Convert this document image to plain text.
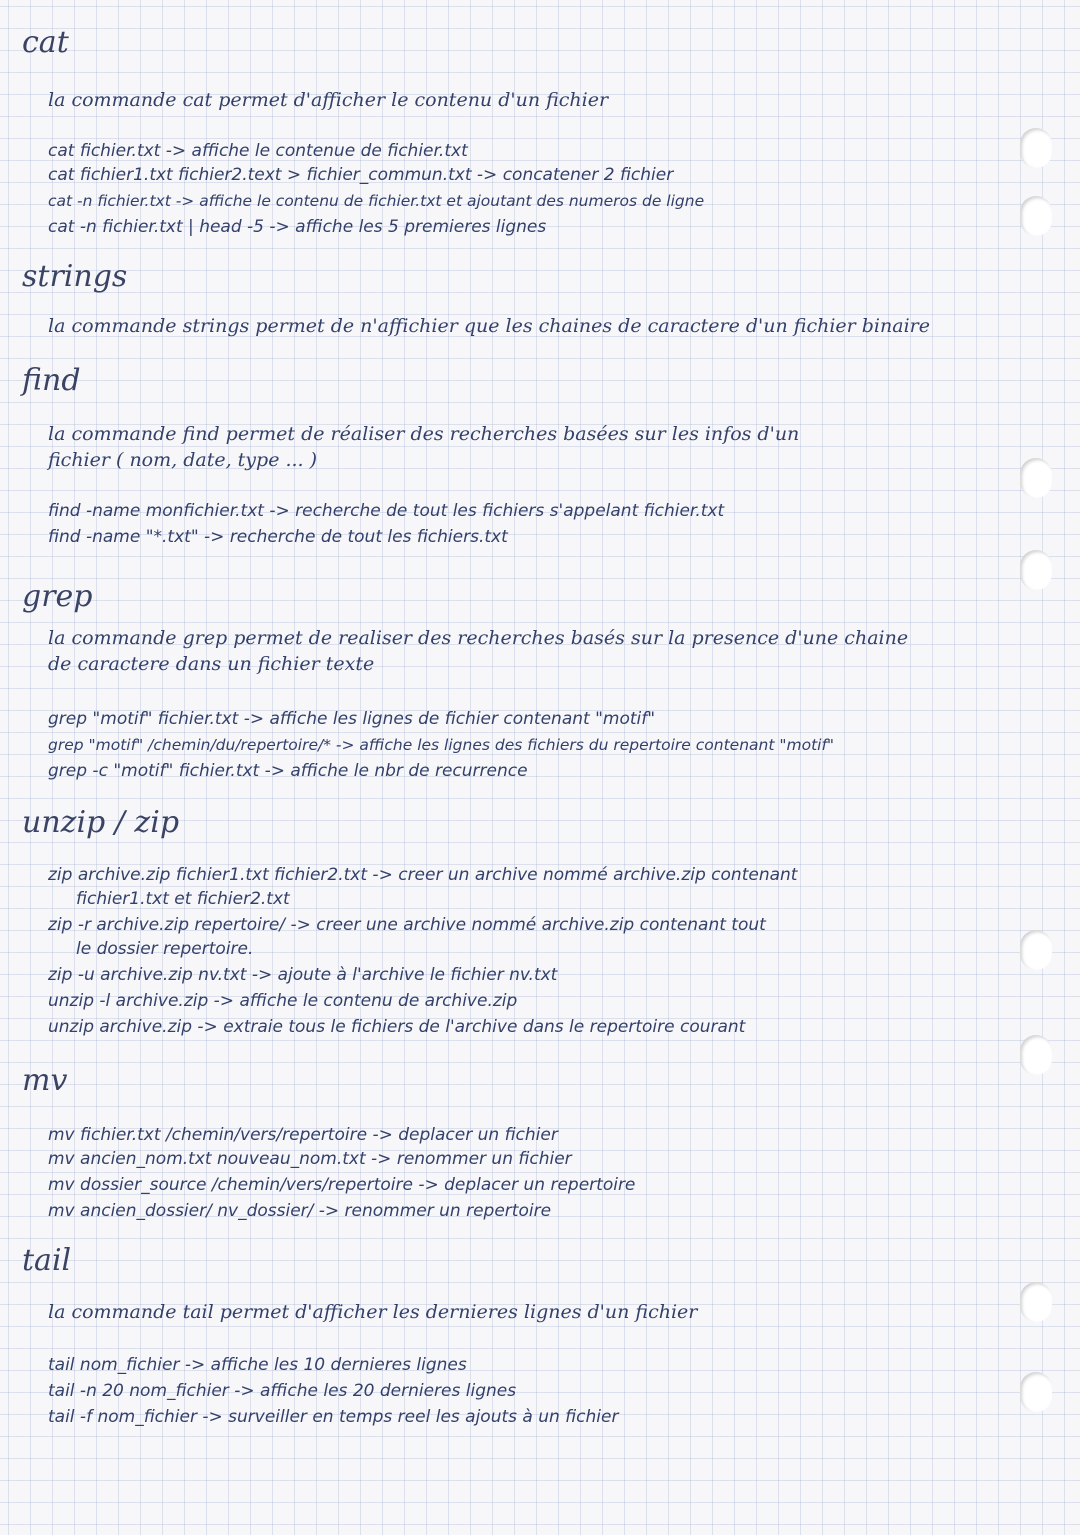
cat

la commande cat permet d'afficher le contenu d'un fichier

cat fichier.txt -> affiche le contenue de fichier.txt

cat fichier1.txt fichier2.text > fichier_commun.txt -> concatener 2 fichier

cat -n fichier.txt -> affiche le contenu de fichier.txt et ajoutant des numeros de ligne

cat -n fichier.txt | head -5 -> affiche les 5 premieres lignes

strings

la commande strings permet de n'affichier que les chaines de caractere d'un fichier binaire

find

la commande find permet de réaliser des recherches basées sur les infos d'un

fichier ( nom, date, type ... )

find -name monfichier.txt -> recherche de tout les fichiers s'appelant fichier.txt

find -name "*.txt" -> recherche de tout les fichiers.txt

grep

la commande grep permet de realiser des recherches basés sur la presence d'une chaine

de caractere dans un fichier texte

grep "motif" fichier.txt -> affiche les lignes de fichier contenant "motif"

grep "motif" /chemin/du/repertoire/* -> affiche les lignes des fichiers du repertoire contenant "motif"

grep -c "motif" fichier.txt -> affiche le nbr de recurrence

unzip / zip

zip archive.zip fichier1.txt fichier2.txt -> creer un archive nommé archive.zip contenant

fichier1.txt et fichier2.txt

zip -r archive.zip repertoire/ -> creer une archive nommé archive.zip contenant tout

le dossier repertoire.

zip -u archive.zip nv.txt -> ajoute à l'archive le fichier nv.txt

unzip -l archive.zip -> affiche le contenu de archive.zip

unzip archive.zip -> extraie tous le fichiers de l'archive dans le repertoire courant

mv

mv fichier.txt /chemin/vers/repertoire -> deplacer un fichier

mv ancien_nom.txt nouveau_nom.txt -> renommer un fichier

mv dossier_source /chemin/vers/repertoire -> deplacer un repertoire

mv ancien_dossier/ nv_dossier/ -> renommer un repertoire

tail

la commande tail permet d'afficher les dernieres lignes d'un fichier

tail nom_fichier -> affiche les 10 dernieres lignes

tail -n 20 nom_fichier -> affiche les 20 dernieres lignes

tail -f nom_fichier -> surveiller en temps reel les ajouts à un fichier
